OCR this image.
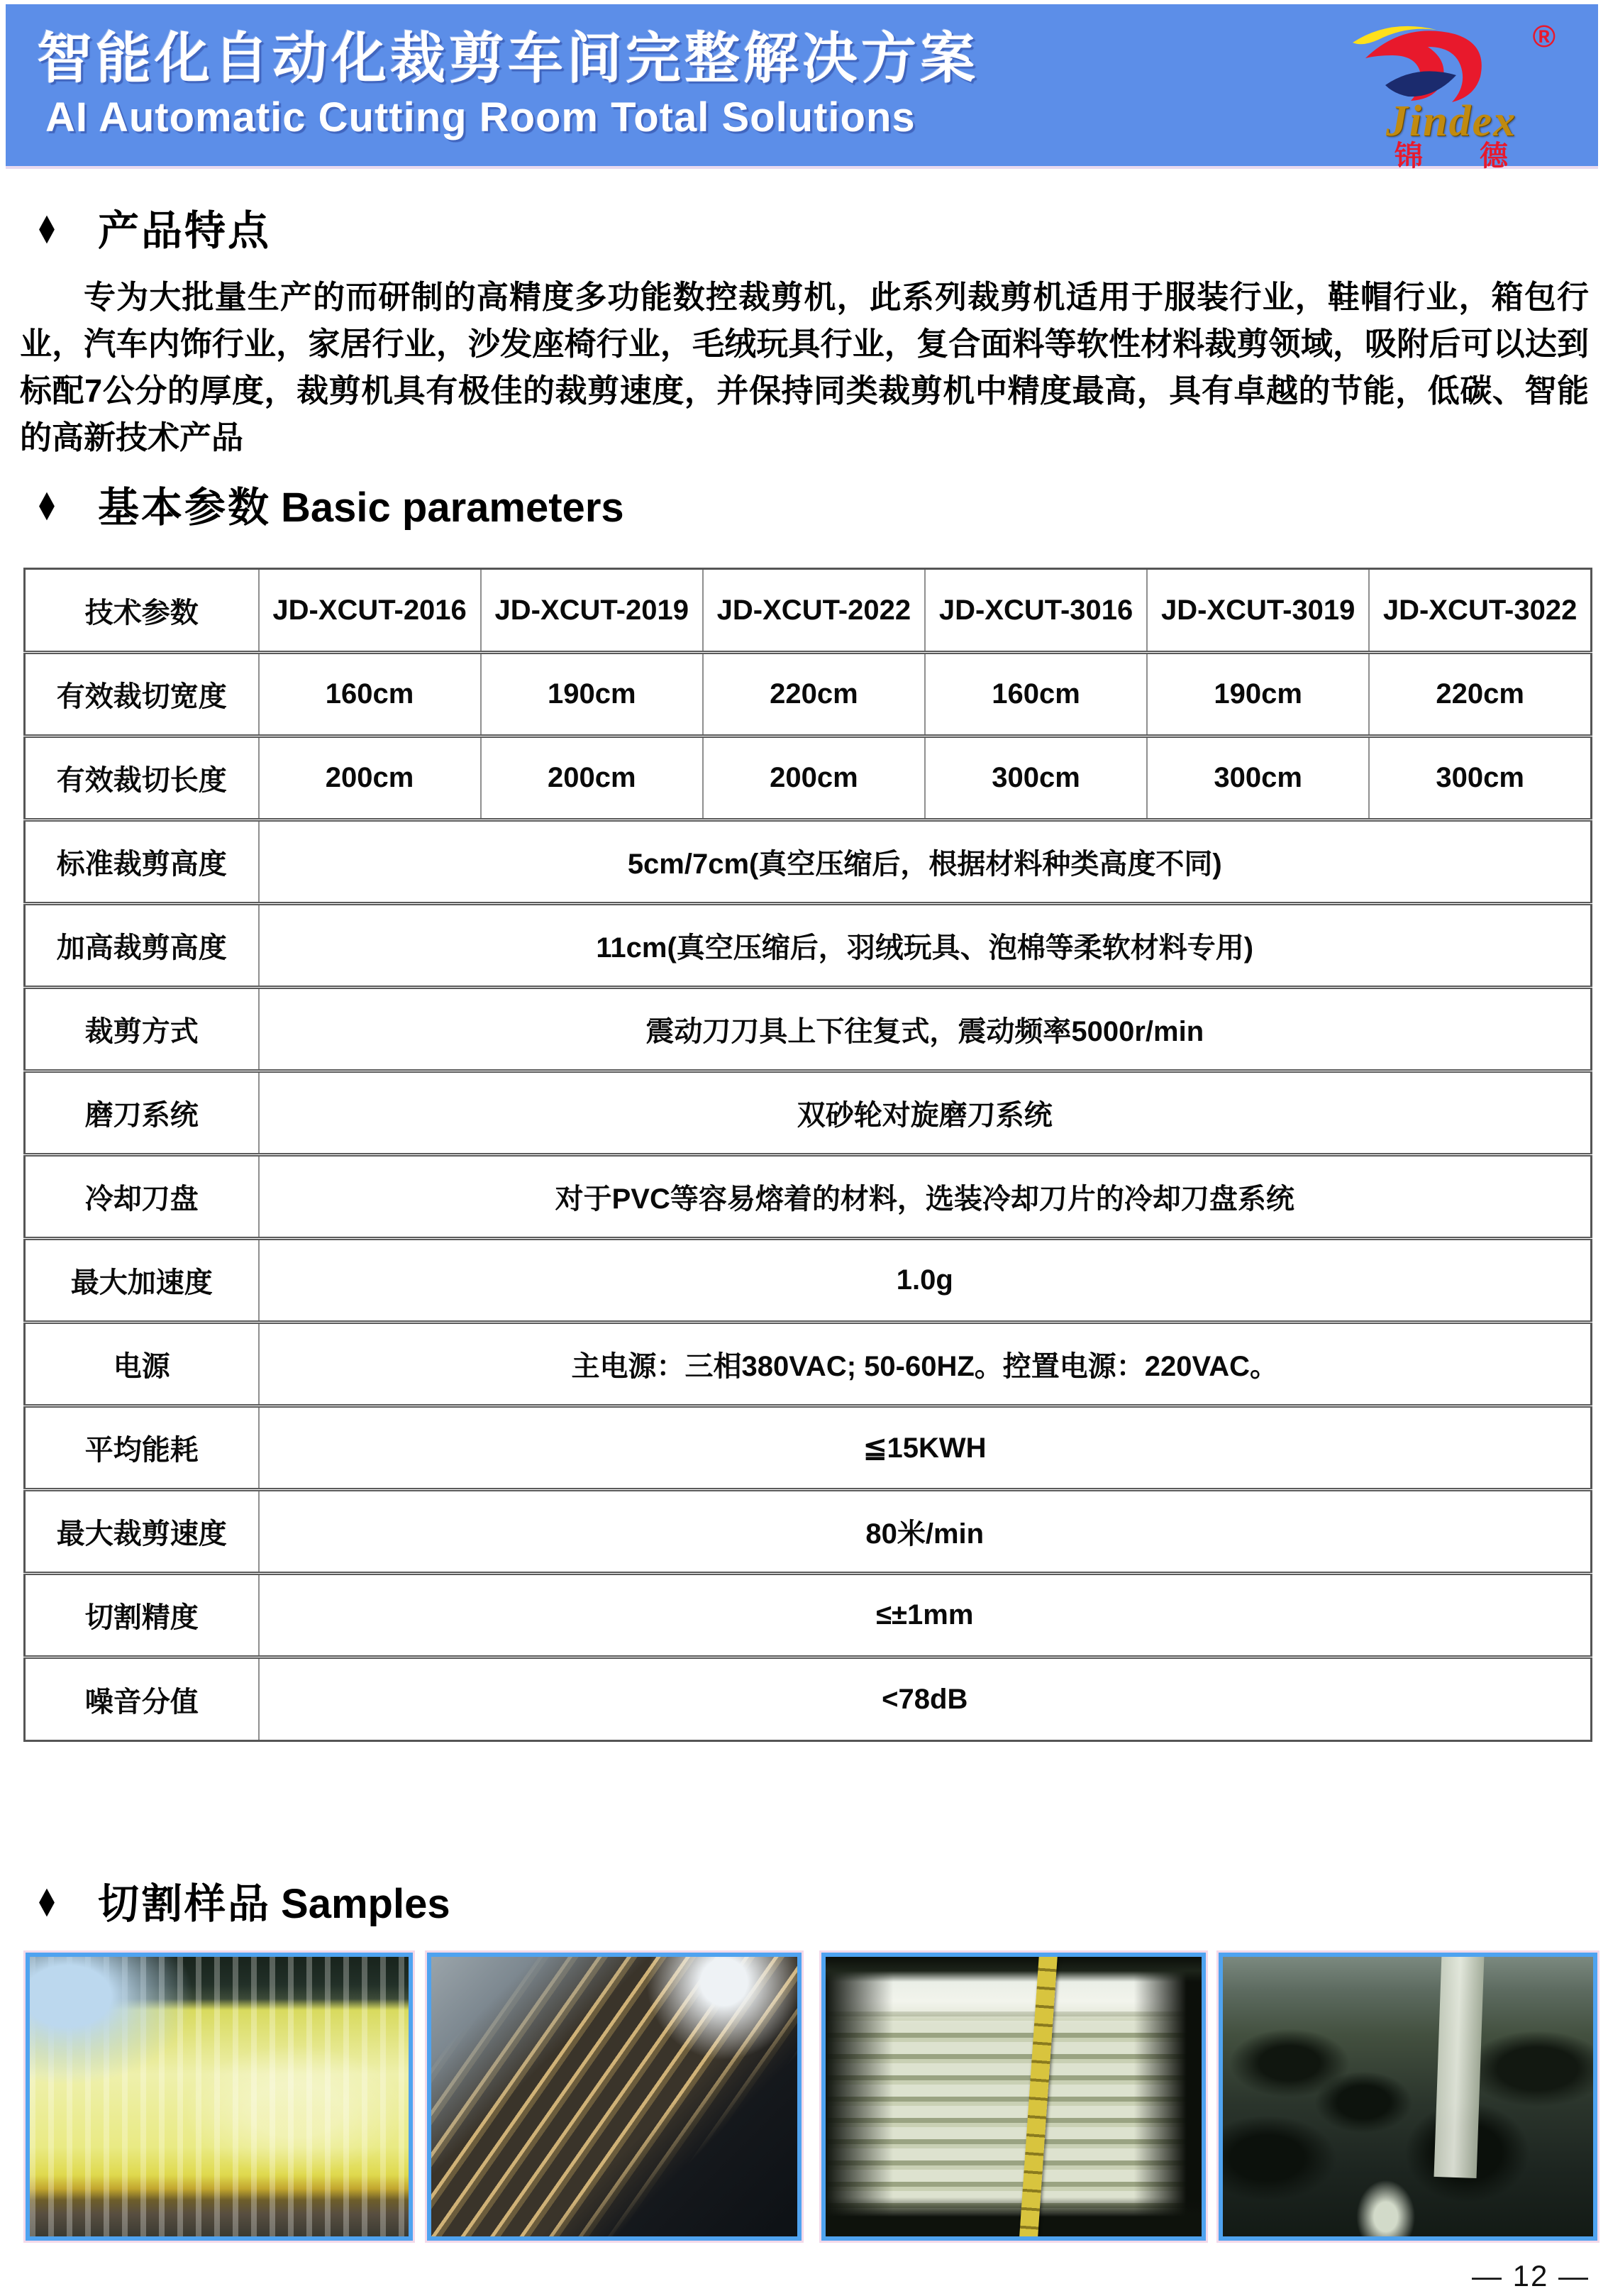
智能化自动化裁剪车间完整解决方案
AI Automatic Cutting Room Total Solutions
®
Jindex
锦德
◆ 产品特点
专为大批量生产的而研制的高精度多功能数控裁剪机，此系列裁剪机适用于服装行业，鞋帽行业，箱包行业，汽车内饰行业，家居行业，沙发座椅行业，毛绒玩具行业，复合面料等软性材料裁剪领域，吸附后可以达到标配7公分的厚度，裁剪机具有极佳的裁剪速度，并保持同类裁剪机中精度最高，具有卓越的节能，低碳、智能的高新技术产品
◆ 基本参数 Basic parameters
技术参数	JD-XCUT-2016	JD-XCUT-2019	JD-XCUT-2022	JD-XCUT-3016	JD-XCUT-3019	JD-XCUT-3022
有效裁切宽度	160cm	190cm	220cm	160cm	190cm	220cm
有效裁切长度	200cm	200cm	200cm	300cm	300cm	300cm
标准裁剪高度	5cm/7cm(真空压缩后，根据材料种类高度不同)					
加高裁剪高度	11cm(真空压缩后，羽绒玩具、泡棉等柔软材料专用)					
裁剪方式	震动刀刀具上下往复式，震动频率5000r/min					
磨刀系统	双砂轮对旋磨刀系统					
冷却刀盘	对于PVC等容易熔着的材料，选装冷却刀片的冷却刀盘系统					
最大加速度	1.0g					
电源	主电源：三相380VAC; 50-60HZ。控置电源：220VAC。					
平均能耗	≦15KWH					
最大裁剪速度	80米/min					
切割精度	≤±1mm					
噪音分值	<78dB					
◆ 切割样品 Samples
— 12 —
